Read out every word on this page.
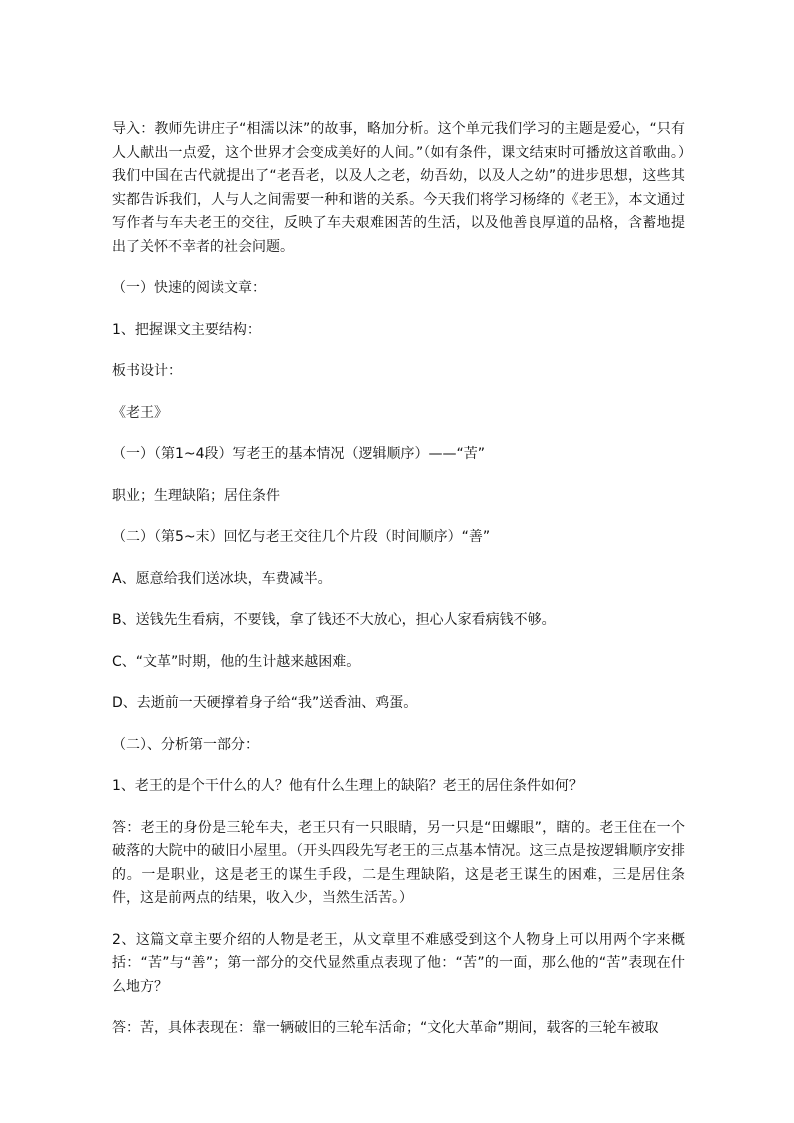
导入：教师先讲庄子“相濡以沫”的故事，略加分析。这个单元我们学习的主题是爱心，“只有人人献出一点爱，这个世界才会变成美好的人间。”（如有条件，课文结束时可播放这首歌曲。）我们中国在古代就提出了“老吾老，以及人之老，幼吾幼，以及人之幼”的进步思想，这些其实都告诉我们，人与人之间需要一种和谐的关系。今天我们将学习杨绛的《老王》，本文通过写作者与车夫老王的交往，反映了车夫艰难困苦的生活，以及他善良厚道的品格，含蓄地提出了关怀不幸者的社会问题。

（一）快速的阅读文章：

1、把握课文主要结构：

板书设计：

《老王》

（一）（第1~4段）写老王的基本情况（逻辑顺序）——“苦”

职业；生理缺陷；居住条件

（二）（第5~末）回忆与老王交往几个片段（时间顺序）“善”

A、愿意给我们送冰块，车费减半。

B、送钱先生看病，不要钱，拿了钱还不大放心，担心人家看病钱不够。

C、“文革”时期，他的生计越来越困难。

D、去逝前一天硬撑着身子给“我”送香油、鸡蛋。

（二）、分析第一部分：

1、老王的是个干什么的人？他有什么生理上的缺陷？老王的居住条件如何？

答：老王的身份是三轮车夫，老王只有一只眼睛，另一只是“田螺眼”，瞎的。老王住在一个破落的大院中的破旧小屋里。（开头四段先写老王的三点基本情况。这三点是按逻辑顺序安排的。一是职业，这是老王的谋生手段，二是生理缺陷，这是老王谋生的困难，三是居住条件，这是前两点的结果，收入少，当然生活苦。）

2、这篇文章主要介绍的人物是老王，从文章里不难感受到这个人物身上可以用两个字来概括：“苦”与“善”；第一部分的交代显然重点表现了他：“苦”的一面，那么他的“苦”表现在什么地方？

答：苦，具体表现在：靠一辆破旧的三轮车活命；“文化大革命”期间，载客的三轮车被取
